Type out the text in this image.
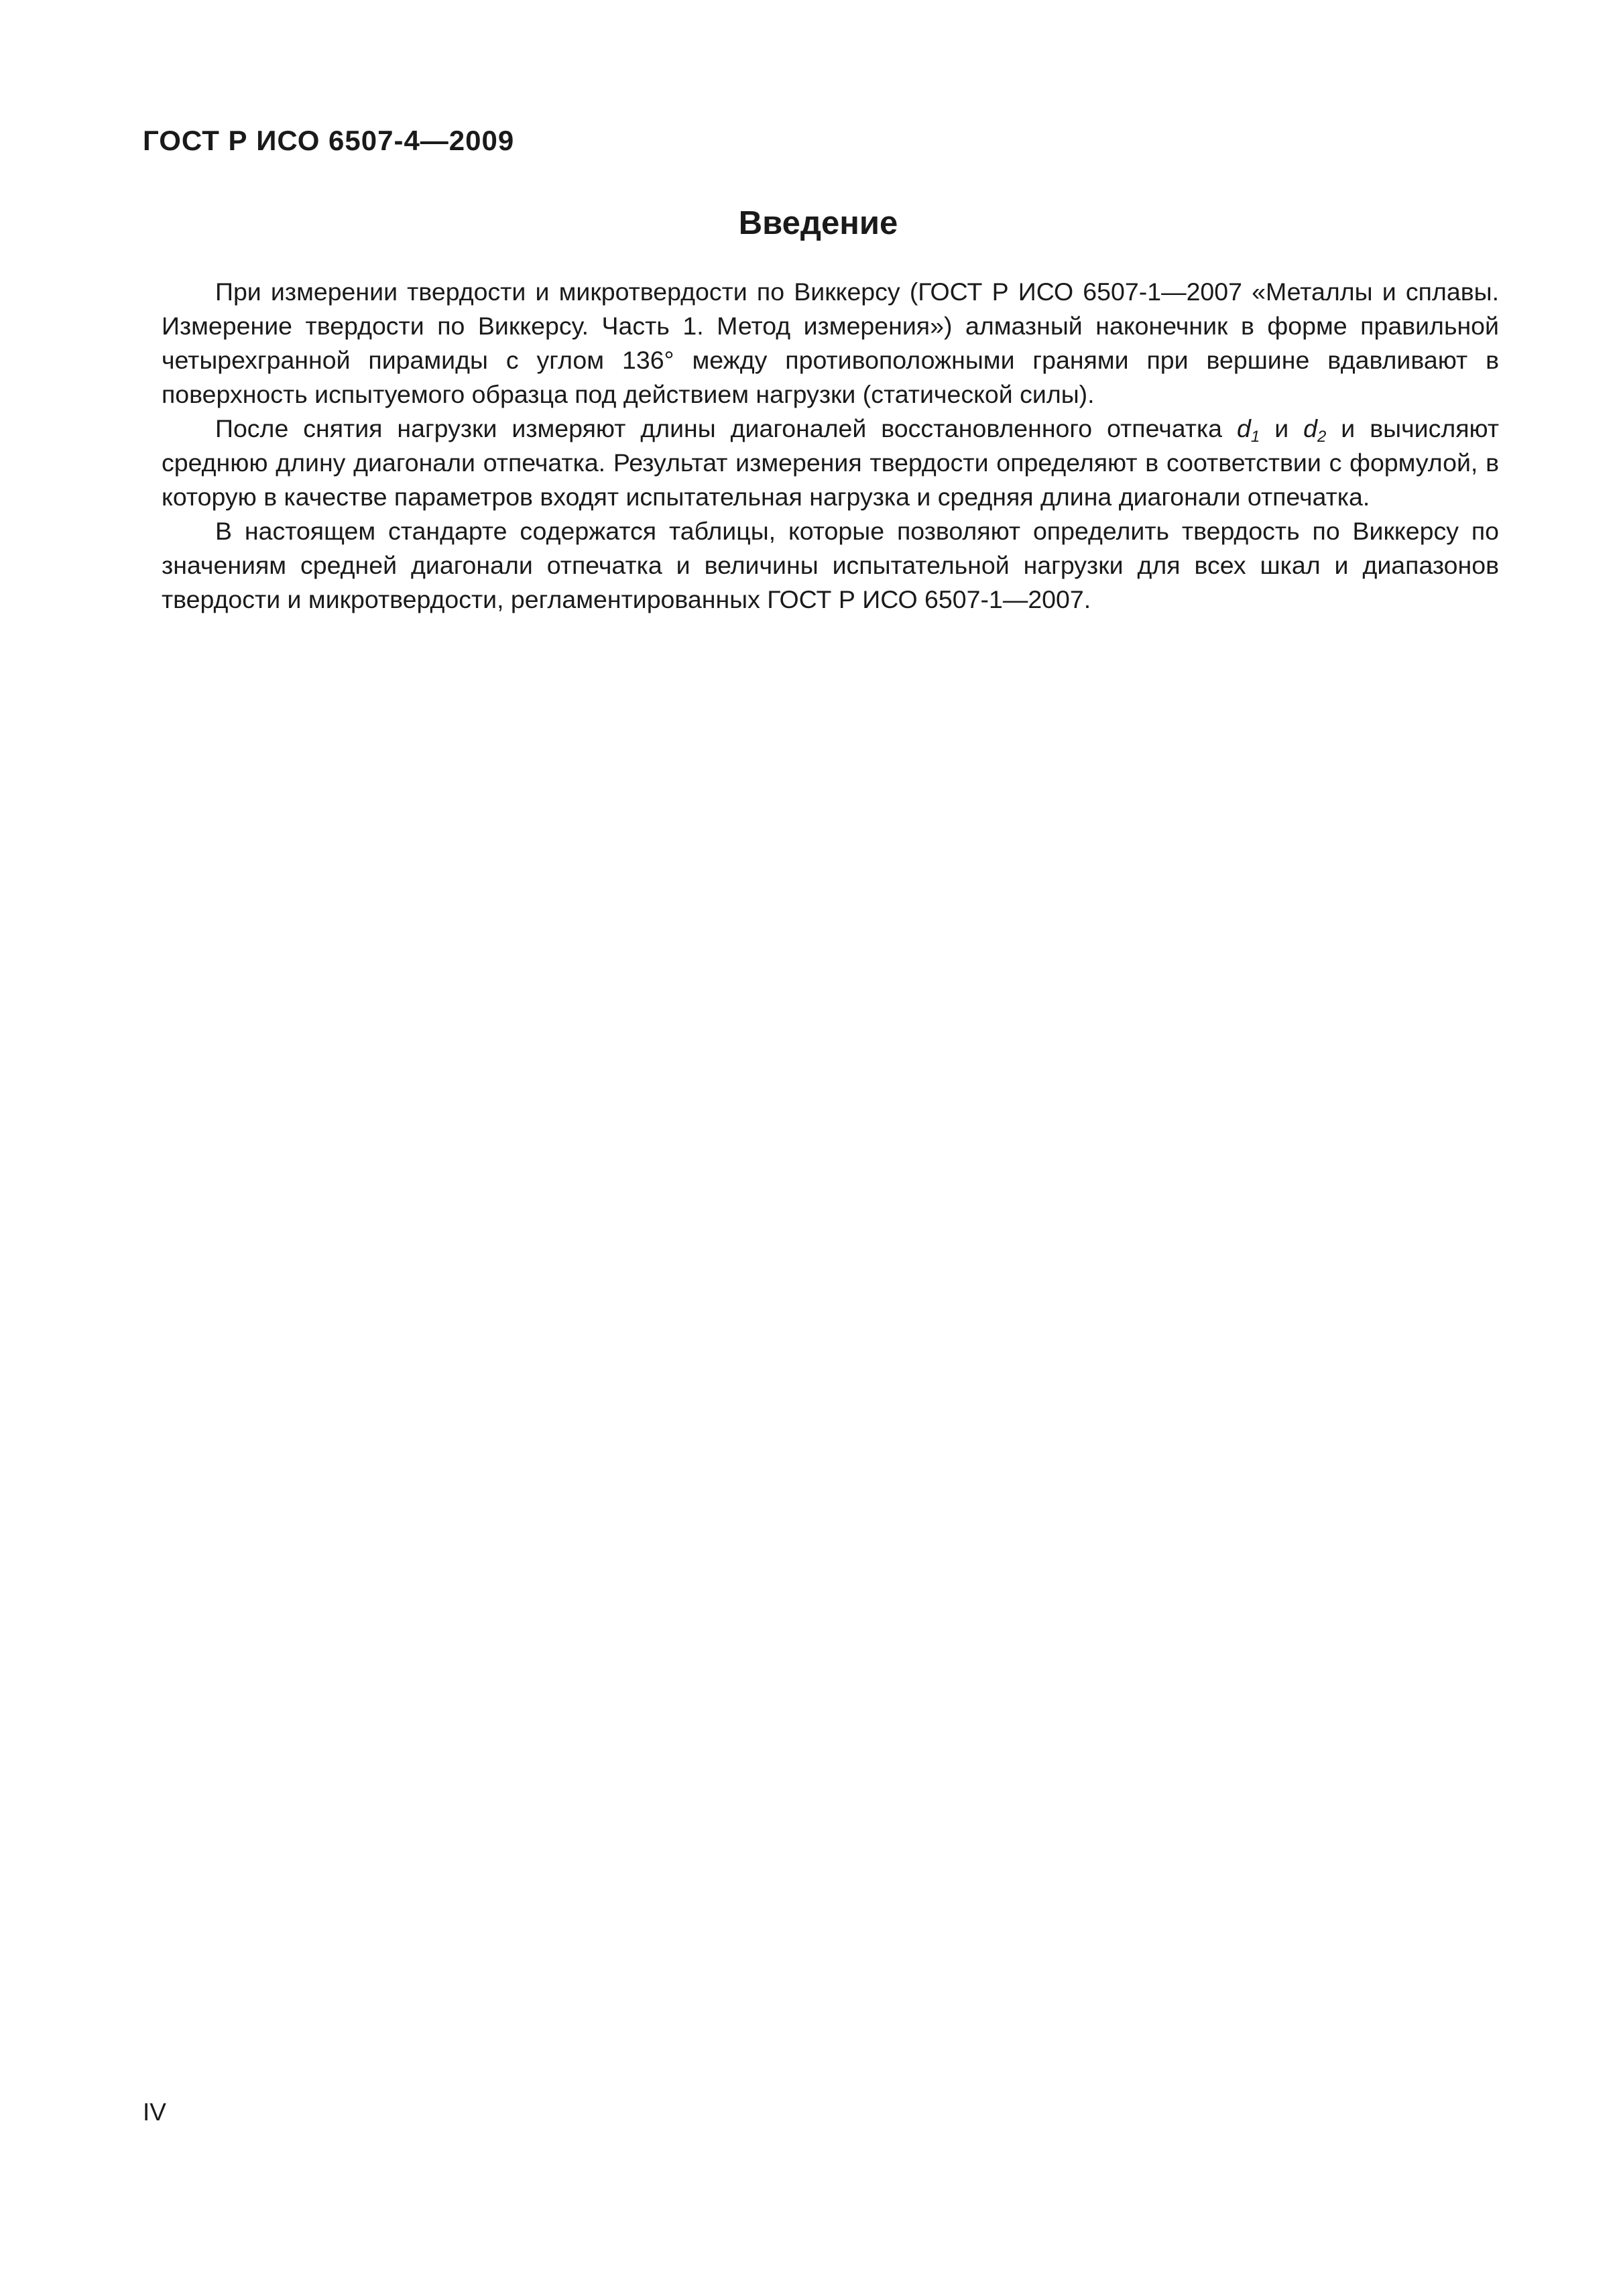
ГОСТ Р ИСО 6507-4—2009
Введение

При измерении твердости и микротвердости по Виккерсу (ГОСТ Р ИСО 6507-1—2007 «Металлы и сплавы. Измерение твердости по Виккерсу. Часть 1. Метод измерения») алмазный наконечник в форме правильной четырехгранной пирамиды с углом 136° между противоположными гранями при вершине вдавливают в поверхность испытуемого образца под действием нагрузки (статической силы).

После снятия нагрузки измеряют длины диагоналей восстановленного отпечатка $d_1$ и $d_2$ и вычисляют среднюю длину диагонали отпечатка. Результат измерения твердости определяют в соответствии с формулой, в которую в качестве параметров входят испытательная нагрузка и средняя длина диагонали отпечатка.

В настоящем стандарте содержатся таблицы, которые позволяют определить твердость по Виккерсу по значениям средней диагонали отпечатка и величины испытательной нагрузки для всех шкал и диапазонов твердости и микротвердости, регламентированных ГОСТ Р ИСО 6507-1—2007.

IV
